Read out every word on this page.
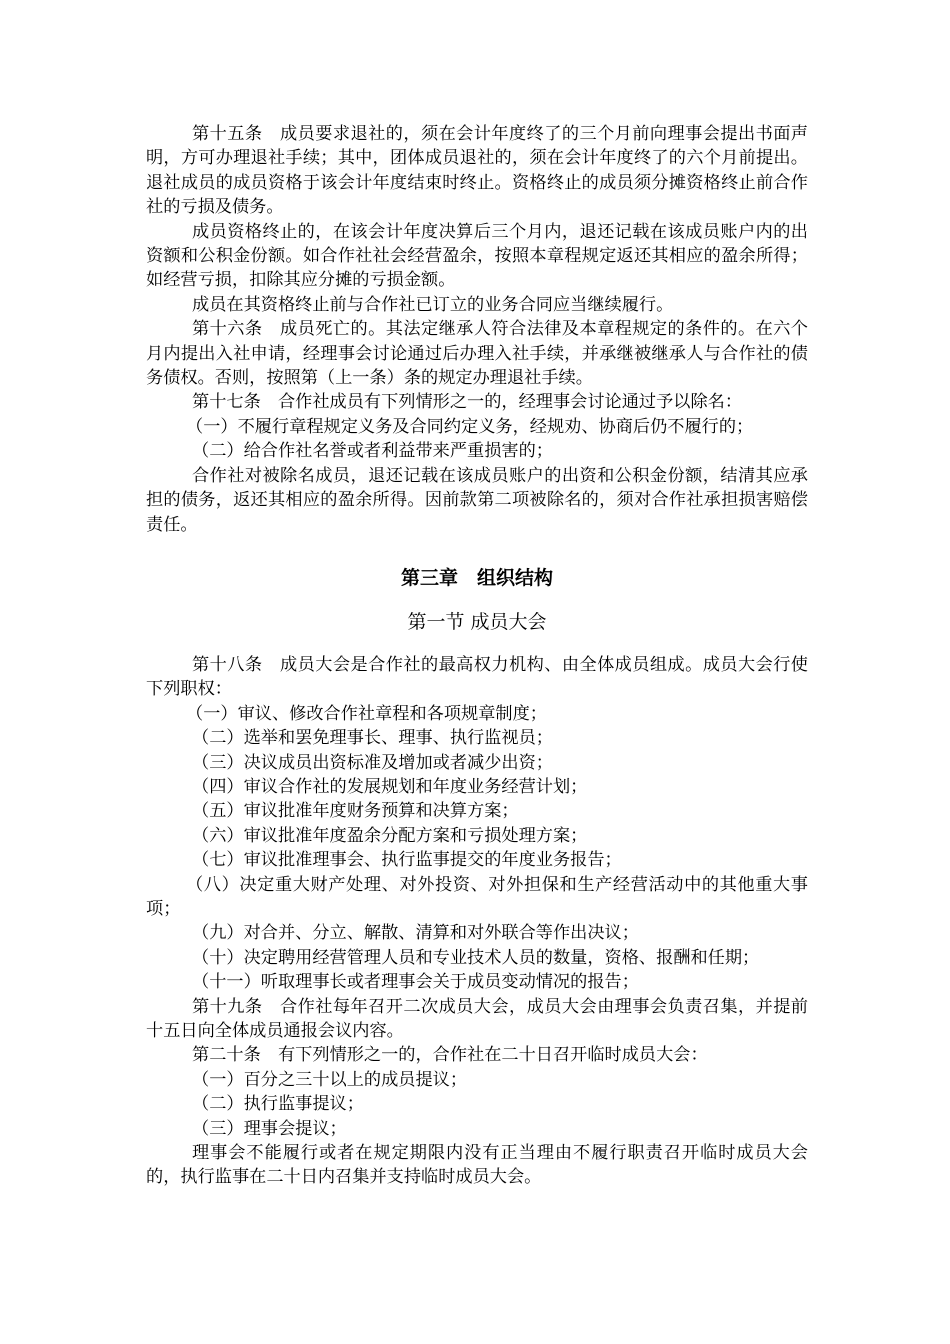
第十五条　成员要求退社的，须在会计年度终了的三个月前向理事会提出书面声明，方可办理退社手续；其中，团体成员退社的，须在会计年度终了的六个月前提出。退社成员的成员资格于该会计年度结束时终止。资格终止的成员须分摊资格终止前合作社的亏损及债务。

成员资格终止的，在该会计年度决算后三个月内，退还记载在该成员账户内的出资额和公积金份额。如合作社社会经营盈余，按照本章程规定返还其相应的盈余所得；如经营亏损，扣除其应分摊的亏损金额。

成员在其资格终止前与合作社已订立的业务合同应当继续履行。

第十六条　成员死亡的。其法定继承人符合法律及本章程规定的条件的。在六个月内提出入社申请，经理事会讨论通过后办理入社手续，并承继被继承人与合作社的债务债权。否则，按照第（上一条）条的规定办理退社手续。

第十七条　合作社成员有下列情形之一的，经理事会讨论通过予以除名：

（一）不履行章程规定义务及合同约定义务，经规劝、协商后仍不履行的；

（二）给合作社名誉或者利益带来严重损害的；

合作社对被除名成员，退还记载在该成员账户的出资和公积金份额，结清其应承担的债务，返还其相应的盈余所得。因前款第二项被除名的，须对合作社承担损害赔偿责任。

第三章　组织结构
第一节 成员大会

第十八条　成员大会是合作社的最高权力机构、由全体成员组成。成员大会行使下列职权：

（一）审议、修改合作社章程和各项规章制度；

（二）选举和罢免理事长、理事、执行监视员；

（三）决议成员出资标准及增加或者减少出资；

（四）审议合作社的发展规划和年度业务经营计划；

（五）审议批准年度财务预算和决算方案；

（六）审议批准年度盈余分配方案和亏损处理方案；

（七）审议批准理事会、执行监事提交的年度业务报告；

（八）决定重大财产处理、对外投资、对外担保和生产经营活动中的其他重大事项；

（九）对合并、分立、解散、清算和对外联合等作出决议；

（十）决定聘用经营管理人员和专业技术人员的数量，资格、报酬和任期；

（十一）听取理事长或者理事会关于成员变动情况的报告；

第十九条　合作社每年召开二次成员大会，成员大会由理事会负责召集，并提前十五日向全体成员通报会议内容。

第二十条　有下列情形之一的，合作社在二十日召开临时成员大会：

（一）百分之三十以上的成员提议；

（二）执行监事提议；

（三）理事会提议；

理事会不能履行或者在规定期限内没有正当理由不履行职责召开临时成员大会的，执行监事在二十日内召集并支持临时成员大会。
